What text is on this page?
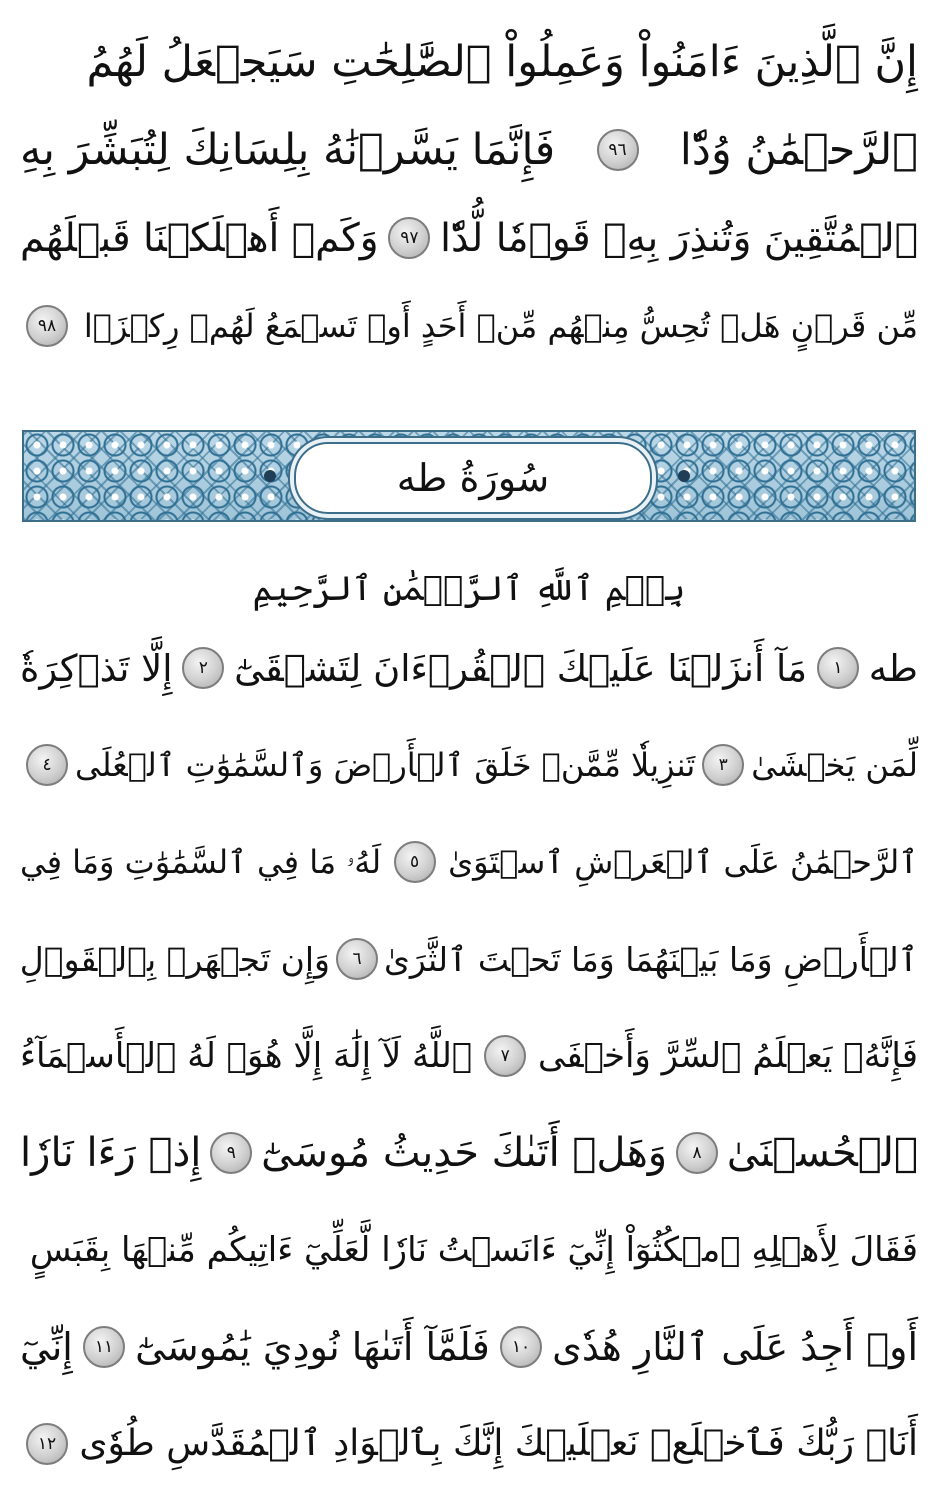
إِنَّ ٱلَّذِينَ ءَامَنُواْ وَعَمِلُواْ ٱلصَّٰلِحَٰتِ سَيَجۡعَلُ لَهُمُ
ٱلرَّحۡمَٰنُ وُدّٗا
٩٦
فَإِنَّمَا يَسَّرۡنَٰهُ بِلِسَانِكَ لِتُبَشِّرَ بِهِ
ٱلۡمُتَّقِينَ وَتُنذِرَ بِهِۦ قَوۡمٗا لُّدّٗا
٩٧
وَكَمۡ أَهۡلَكۡنَا قَبۡلَهُم
مِّن قَرۡنٍ هَلۡ تُحِسُّ مِنۡهُم مِّنۡ أَحَدٍ أَوۡ تَسۡمَعُ لَهُمۡ رِكۡزَۢا
٩٨
سُورَةُ طه
بِسۡمِ ٱللَّهِ ٱلرَّحۡمَٰنِ ٱلرَّحِيمِ
طه
١
مَآ أَنزَلۡنَا عَلَيۡكَ ٱلۡقُرۡءَانَ لِتَشۡقَىٰٓ
٢
إِلَّا تَذۡكِرَةٗ
لِّمَن يَخۡشَىٰ
٣
تَنزِيلٗا مِّمَّنۡ خَلَقَ ٱلۡأَرۡضَ وَٱلسَّمَٰوَٰتِ ٱلۡعُلَى
٤
ٱلرَّحۡمَٰنُ عَلَى ٱلۡعَرۡشِ ٱسۡتَوَىٰ
٥
لَهُۥ مَا فِي ٱلسَّمَٰوَٰتِ وَمَا فِي
ٱلۡأَرۡضِ وَمَا بَيۡنَهُمَا وَمَا تَحۡتَ ٱلثَّرَىٰ
٦
وَإِن تَجۡهَرۡ بِٱلۡقَوۡلِ
فَإِنَّهُۥ يَعۡلَمُ ٱلسِّرَّ وَأَخۡفَى
٧
ٱللَّهُ لَآ إِلَٰهَ إِلَّا هُوَۖ لَهُ ٱلۡأَسۡمَآءُ
ٱلۡحُسۡنَىٰ
٨
وَهَلۡ أَتَىٰكَ حَدِيثُ مُوسَىٰٓ
٩
إِذۡ رَءَا نَارٗا
فَقَالَ لِأَهۡلِهِ ٱمۡكُثُوٓاْ إِنِّيٓ ءَانَسۡتُ نَارٗا لَّعَلِّيٓ ءَاتِيكُم مِّنۡهَا بِقَبَسٍ
أَوۡ أَجِدُ عَلَى ٱلنَّارِ هُدٗى
١٠
فَلَمَّآ أَتَىٰهَا نُودِيَ يَٰمُوسَىٰٓ
١١
إِنِّيٓ
أَنَا۠ رَبُّكَ فَٱخۡلَعۡ نَعۡلَيۡكَ إِنَّكَ بِٱلۡوَادِ ٱلۡمُقَدَّسِ طُوٗى
١٢
